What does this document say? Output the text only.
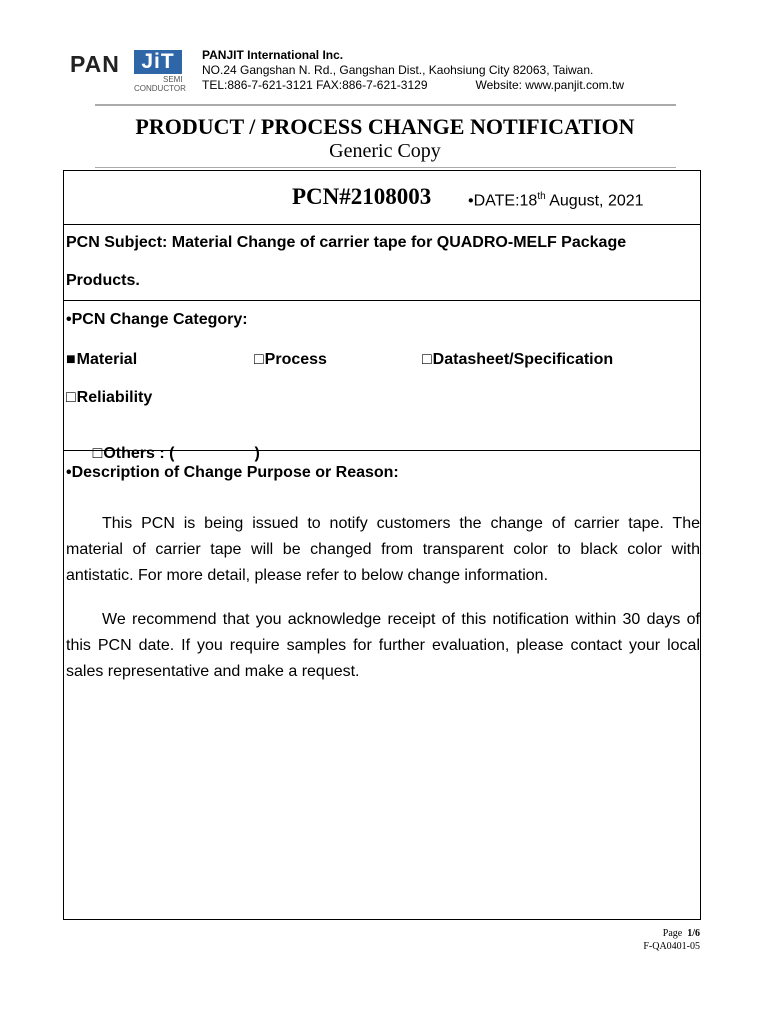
PAN	JiT
SEMI
CONDUCTOR
PANJIT International Inc.
NO.24 Gangshan N. Rd., Gangshan Dist., Kaohsiung City 82063, Taiwan.
TEL:886-7-621-3121 FAX:886-7-621-3129	Website: www.panjit.com.tw
PRODUCT / PROCESS CHANGE NOTIFICATION
Generic Copy
PCN#2108003 •DATE:18th August, 2021
PCN Subject: Material Change of carrier tape for QUADRO-MELF Package
Products.
•PCN Change Category:
■Material	□Process	□Datasheet/Specification
□Reliability

□Others : (                  )

•Description of Change Purpose or Reason:
This PCN is being issued to notify customers the change of carrier tape. The material of carrier tape will be changed from transparent color to black color with antistatic. For more detail, please refer to below change information.
We recommend that you acknowledge receipt of this notification within 30 days of this PCN date. If you require samples for further evaluation, please contact your local sales representative and make a request.
Page 1/6
F-QA0401-05
